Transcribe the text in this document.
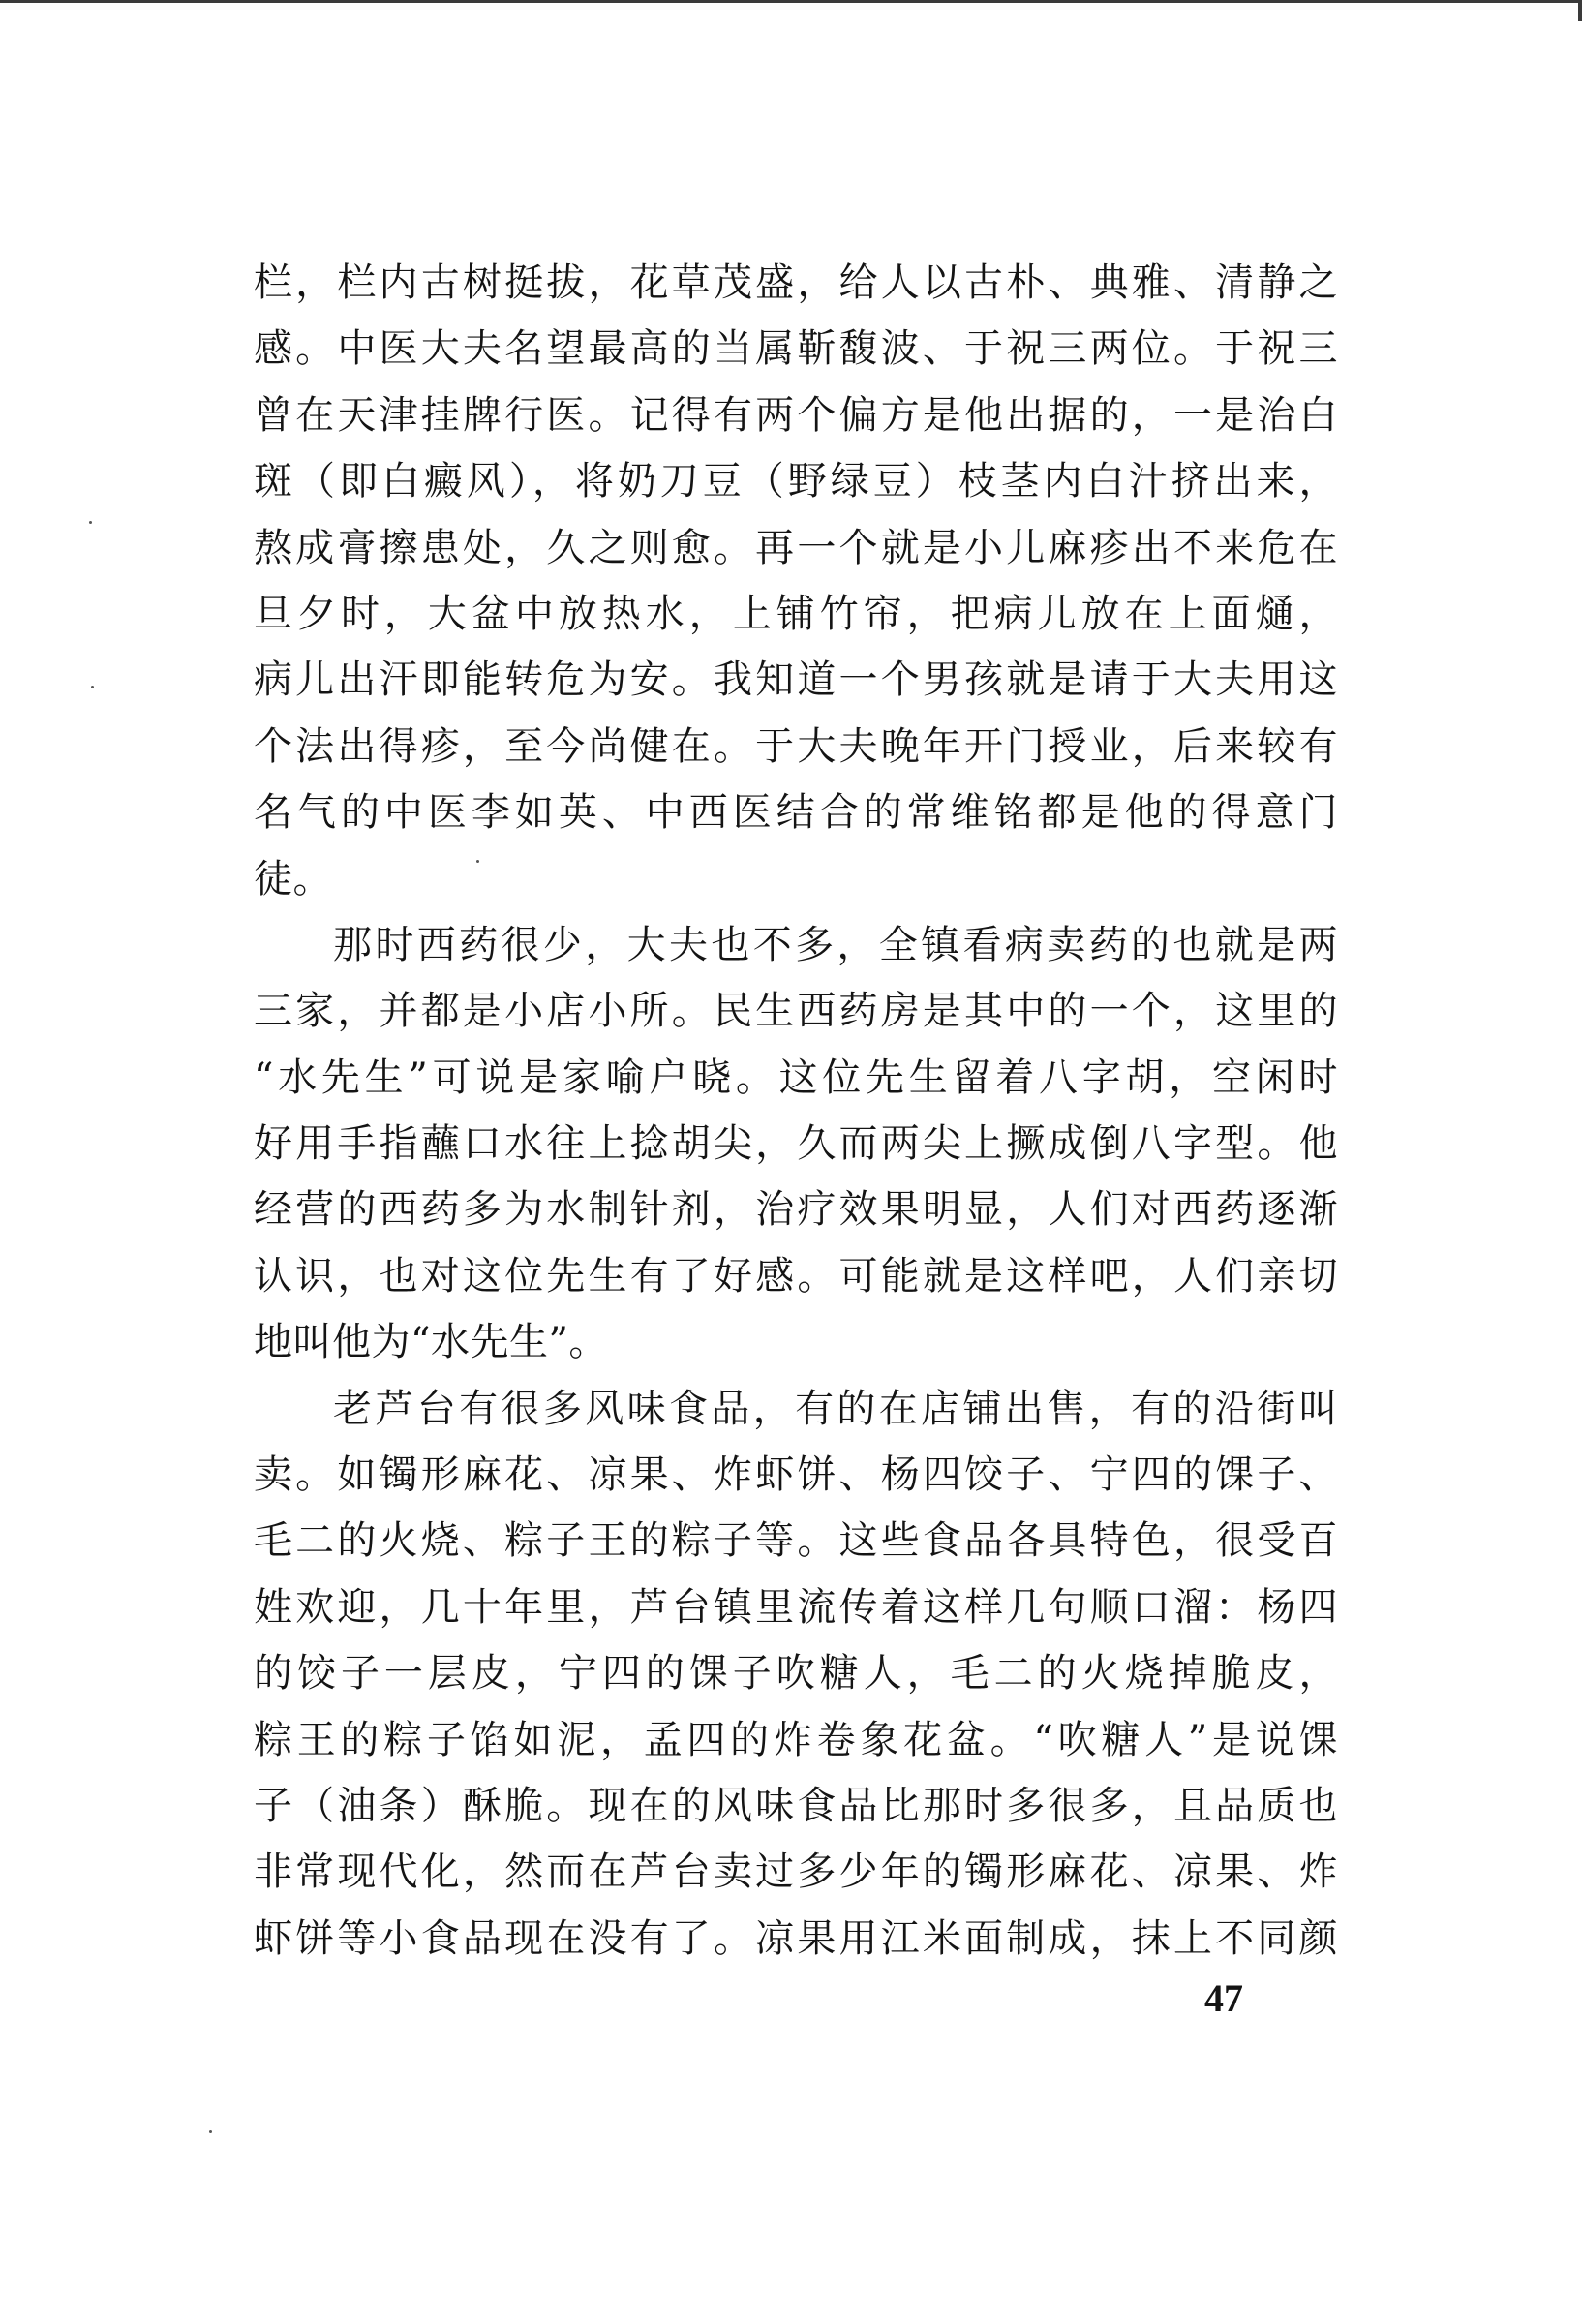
栏，栏内古树挺拔，花草茂盛，给人以古朴、典雅、清静之
感。中医大夫名望最高的当属靳馥波、于祝三两位。于祝三
曾在天津挂牌行医。记得有两个偏方是他出据的，一是治白
斑（即白癜风），将奶刀豆（野绿豆）枝茎内白汁挤出来，
熬成膏擦患处，久之则愈。再一个就是小儿麻疹出不来危在
旦夕时，大盆中放热水，上铺竹帘，把病儿放在上面熥，
病儿出汗即能转危为安。我知道一个男孩就是请于大夫用这
个法出得疹，至今尚健在。于大夫晚年开门授业，后来较有
名气的中医李如英、中西医结合的常维铭都是他的得意门
徒。
那时西药很少，大夫也不多，全镇看病卖药的也就是两
三家，并都是小店小所。民生西药房是其中的一个，这里的
“水先生”可说是家喻户晓。这位先生留着八字胡，空闲时
好用手指蘸口水往上捻胡尖，久而两尖上撅成倒八字型。他
经营的西药多为水制针剂，治疗效果明显，人们对西药逐渐
认识，也对这位先生有了好感。可能就是这样吧，人们亲切
地叫他为“水先生”。
老芦台有很多风味食品，有的在店铺出售，有的沿街叫
卖。如镯形麻花、凉果、炸虾饼、杨四饺子、宁四的馃子、
毛二的火烧、粽子王的粽子等。这些食品各具特色，很受百
姓欢迎，几十年里，芦台镇里流传着这样几句顺口溜：杨四
的饺子一层皮，宁四的馃子吹糖人，毛二的火烧掉脆皮，
粽王的粽子馅如泥，孟四的炸卷象花盆。“吹糖人”是说馃
子（油条）酥脆。现在的风味食品比那时多很多，且品质也
非常现代化，然而在芦台卖过多少年的镯形麻花、凉果、炸
虾饼等小食品现在没有了。凉果用江米面制成，抹上不同颜
47
